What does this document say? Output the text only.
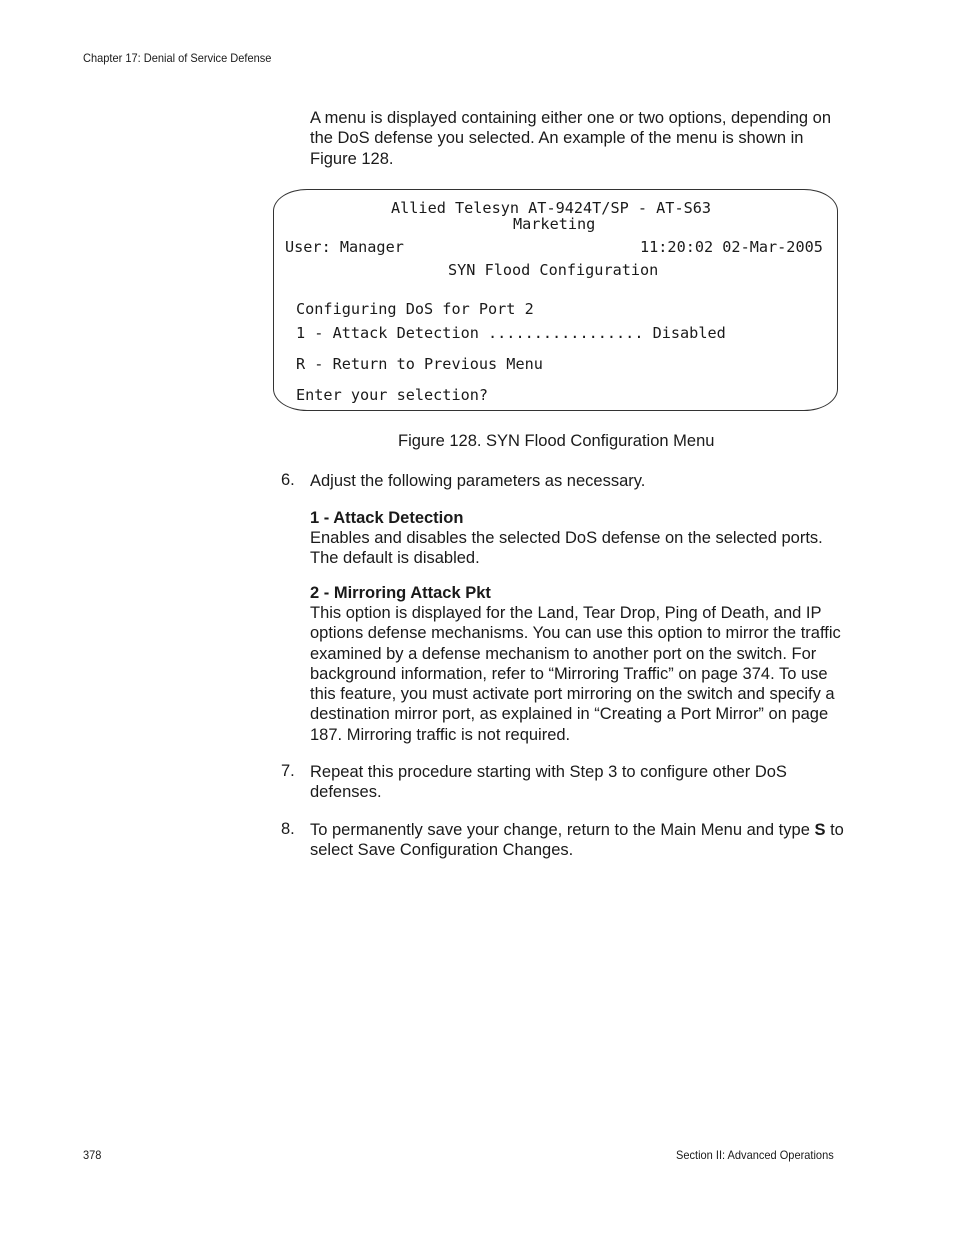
Chapter 17: Denial of Service Defense
A menu is displayed containing either one or two options, depending on the DoS defense you selected. An example of the menu is shown in Figure 128.
Allied Telesyn AT-9424T/SP - AT-S63
Marketing
User: Manager	11:20:02 02-Mar-2005
SYN Flood Configuration
Configuring DoS for Port 2
1 - Attack Detection ................. Disabled
R - Return to Previous Menu
Enter your selection?
Figure 128. SYN Flood Configuration Menu
6. Adjust the following parameters as necessary.
1 - Attack Detection
Enables and disables the selected DoS defense on the selected ports. The default is disabled.
2 - Mirroring Attack Pkt
This option is displayed for the Land, Tear Drop, Ping of Death, and IP options defense mechanisms. You can use this option to mirror the traffic examined by a defense mechanism to another port on the switch. For background information, refer to “Mirroring Traffic” on page 374. To use this feature, you must activate port mirroring on the switch and specify a destination mirror port, as explained in “Creating a Port Mirror” on page 187. Mirroring traffic is not required.
7. Repeat this procedure starting with Step 3 to configure other DoS defenses.
8. To permanently save your change, return to the Main Menu and type S to select Save Configuration Changes.
378	Section II: Advanced Operations
